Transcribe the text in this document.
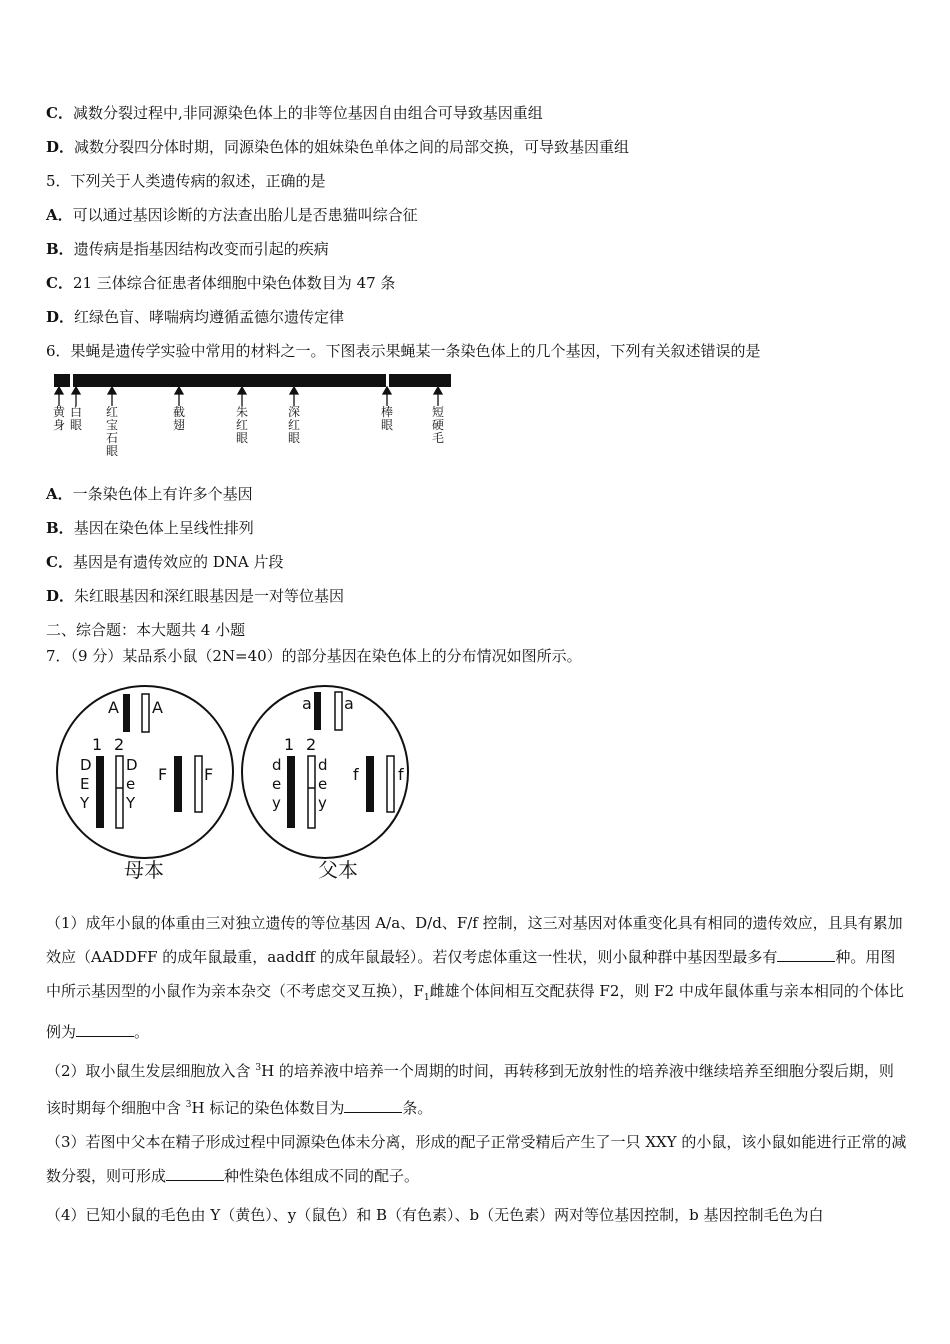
C．减数分裂过程中,非同源染色体上的非等位基因自由组合可导致基因重组
D．减数分裂四分体时期，同源染色体的姐妹染色单体之间的局部交换，可导致基因重组
5．下列关于人类遗传病的叙述，正确的是
A．可以通过基因诊断的方法查出胎儿是否患猫叫综合征
B．遗传病是指基因结构改变而引起的疾病
C．21 三体综合征患者体细胞中染色体数目为 47 条
D．红绿色盲、哮喘病均遵循孟德尔遗传定律
6．果蝇是遗传学实验中常用的材料之一。下图表示果蝇某一条染色体上的几个基因，下列有关叙述错误的是
黄身
白眼
红宝石眼
截翅
朱红眼
深红眼
棒眼
短硬毛
A．一条染色体上有许多个基因
B．基因在染色体上呈线性排列
C．基因是有遗传效应的 DNA 片段
D．朱红眼基因和深红眼基因是一对等位基因
二、综合题：本大题共 4 小题
7．（9 分）某品系小鼠（2N=40）的部分基因在染色体上的分布情况如图所示。
A A
1 2
D
E
Y
D
e
Y
F F
母本
a a
1 2
d
e
y
d
e
y
f f
父本
（1）成年小鼠的体重由三对独立遗传的等位基因 A/a、D/d、F/f 控制，这三对基因对体重变化具有相同的遗传效应，且具有累加效应（AADDFF 的成年鼠最重，aaddff 的成年鼠最轻）。若仅考虑体重这一性状，则小鼠种群中基因型最多有	种。用图中所示基因型的小鼠作为亲本杂交（不考虑交叉互换），$F_1$雌雄个体间相互交配获得 F2，则 F2 中成年鼠体重与亲本相同的个体比例为	。
（2）取小鼠生发层细胞放入含 $^3$H 的培养液中培养一个周期的时间，再转移到无放射性的培养液中继续培养至细胞分裂后期，则该时期每个细胞中含 $^3$H 标记的染色体数目为	条。
（3）若图中父本在精子形成过程中同源染色体未分离，形成的配子正常受精后产生了一只 XXY 的小鼠，该小鼠如能进行正常的减数分裂，则可形成	种性染色体组成不同的配子。
（4）已知小鼠的毛色由 Y（黄色）、y（鼠色）和 B（有色素）、b（无色素）两对等位基因控制，b 基因控制毛色为白
